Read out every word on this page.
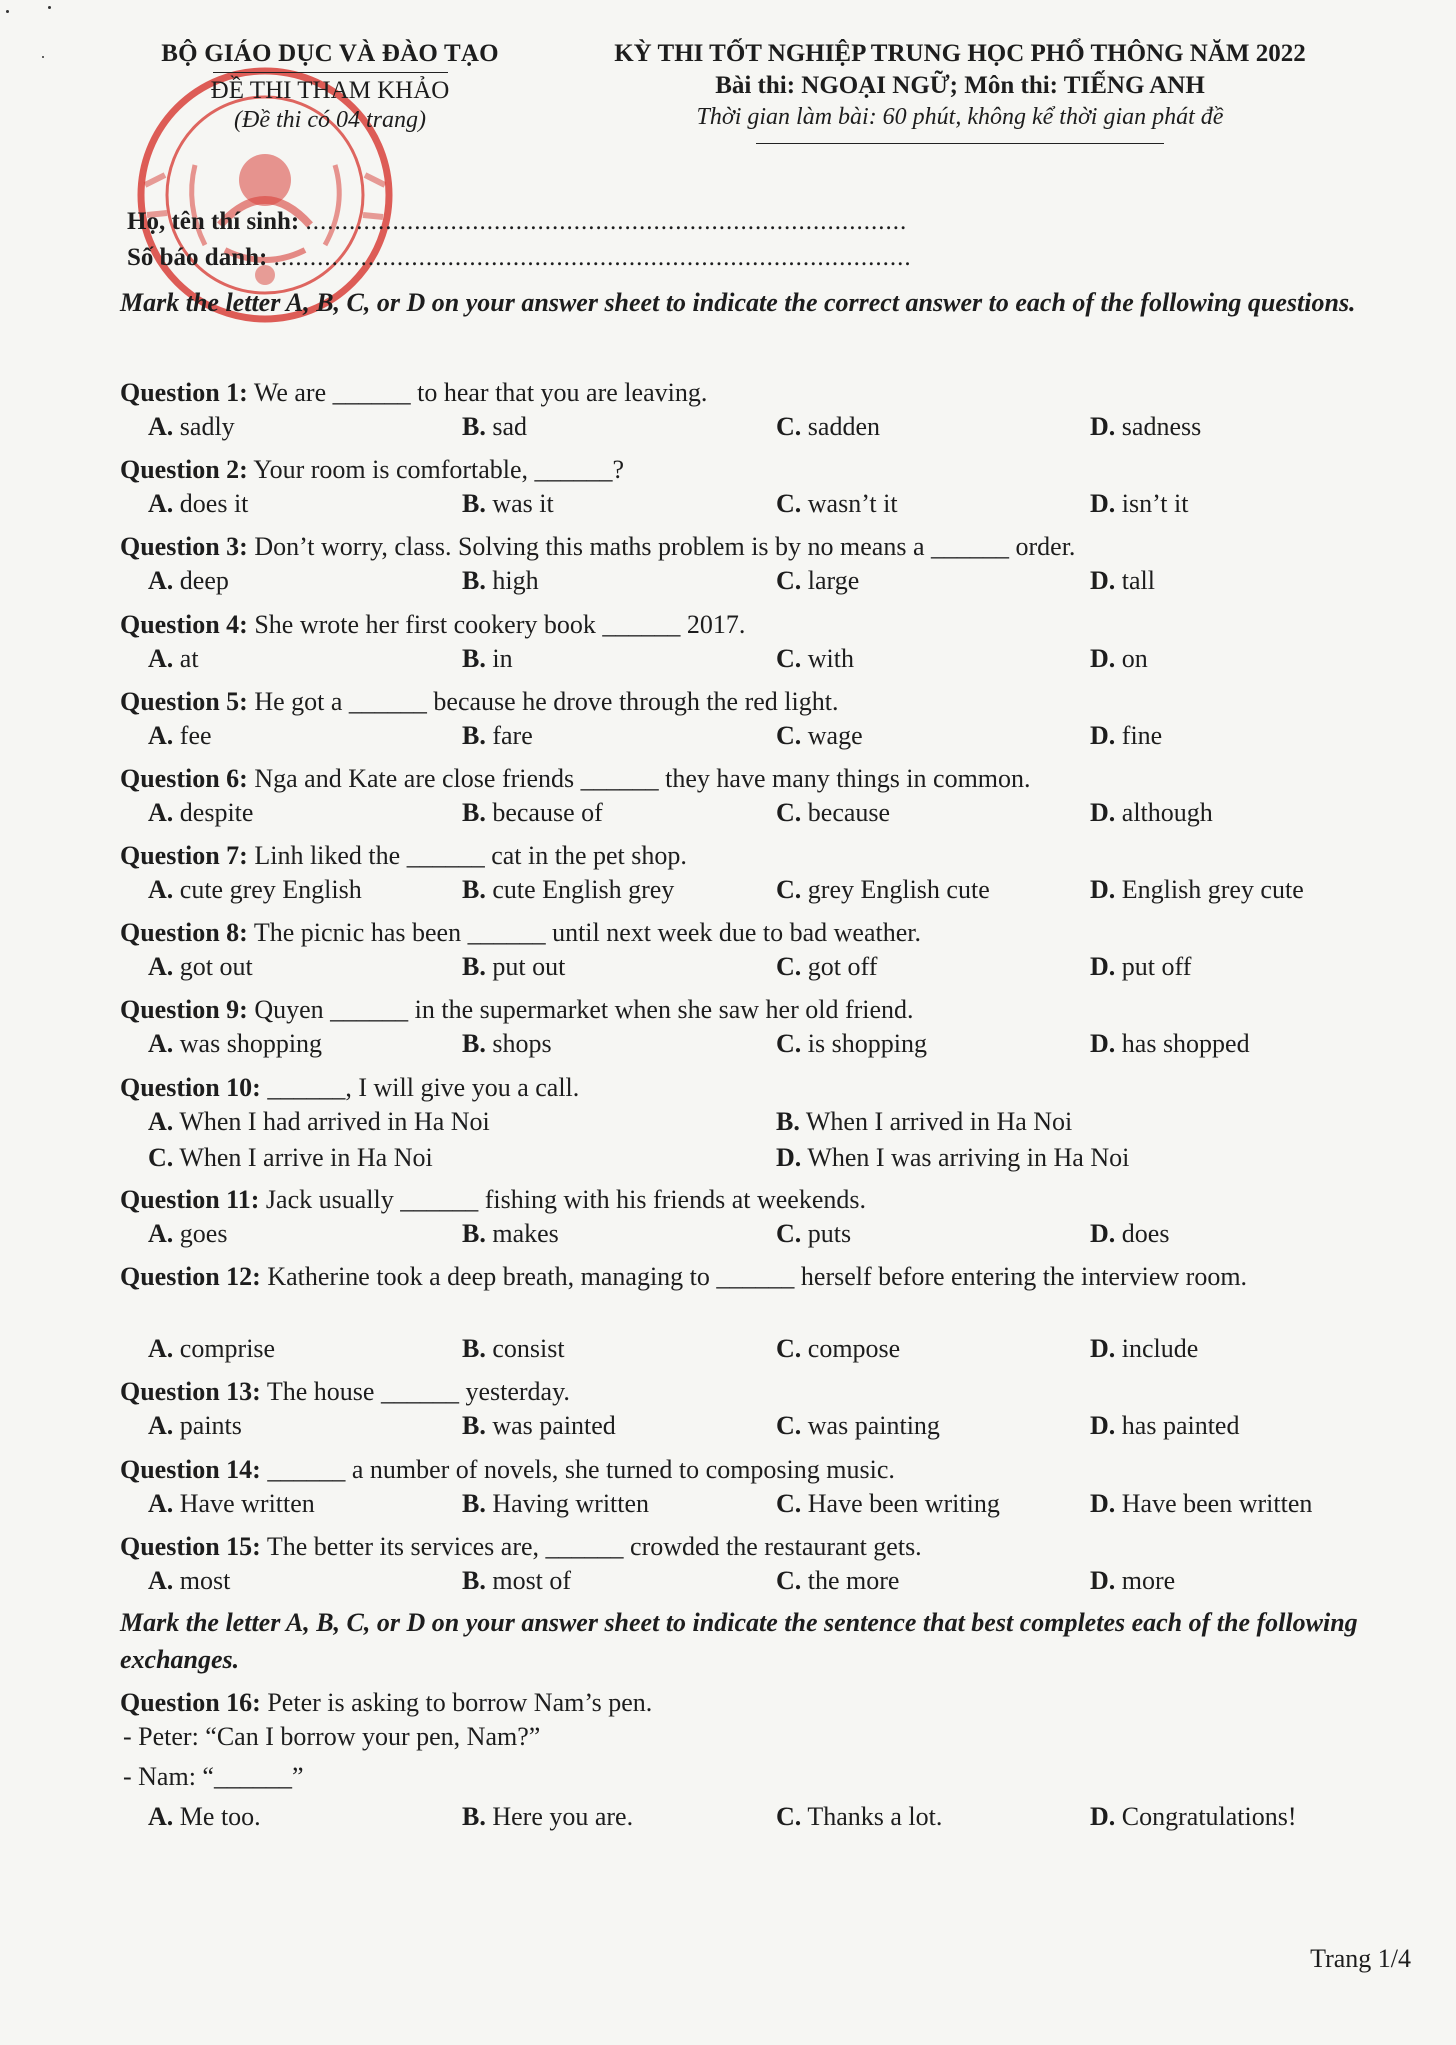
BỘ GIÁO DỤC VÀ ĐÀO TẠO
ĐỀ THI THAM KHẢO
(Đề thi có 04 trang)
KỲ THI TỐT NGHIỆP TRUNG HỌC PHỔ THÔNG NĂM 2022
Bài thi: NGOẠI NGỮ; Môn thi: TIẾNG ANH
Thời gian làm bài: 60 phút, không kể thời gian phát đề
Họ, tên thí sinh: ...................................................................................
Số báo danh: ........................................................................................
Mark the letter A, B, C, or D on your answer sheet to indicate the correct answer to each of the following questions.
Question 1: We are ______ to hear that you are leaving.
A. sadly	B. sad	C. sadden	D. sadness
Question 2: Your room is comfortable, ______?
A. does it	B. was it	C. wasn’t it	D. isn’t it
Question 3: Don’t worry, class. Solving this maths problem is by no means a ______ order.
A. deep	B. high	C. large	D. tall
Question 4: She wrote her first cookery book ______ 2017.
A. at	B. in	C. with	D. on
Question 5: He got a ______ because he drove through the red light.
A. fee	B. fare	C. wage	D. fine
Question 6: Nga and Kate are close friends ______ they have many things in common.
A. despite	B. because of	C. because	D. although
Question 7: Linh liked the ______ cat in the pet shop.
A. cute grey English	B. cute English grey	C. grey English cute	D. English grey cute
Question 8: The picnic has been ______ until next week due to bad weather.
A. got out	B. put out	C. got off	D. put off
Question 9: Quyen ______ in the supermarket when she saw her old friend.
A. was shopping	B. shops	C. is shopping	D. has shopped
Question 10: ______, I will give you a call.
A. When I had arrived in Ha Noi	B. When I arrived in Ha Noi
C. When I arrive in Ha Noi	D. When I was arriving in Ha Noi
Question 11: Jack usually ______ fishing with his friends at weekends.
A. goes	B. makes	C. puts	D. does
Question 12: Katherine took a deep breath, managing to ______ herself before entering the interview room.
A. comprise	B. consist	C. compose	D. include
Question 13: The house ______ yesterday.
A. paints	B. was painted	C. was painting	D. has painted
Question 14: ______ a number of novels, she turned to composing music.
A. Have written	B. Having written	C. Have been writing	D. Have been written
Question 15: The better its services are, ______ crowded the restaurant gets.
A. most	B. most of	C. the more	D. more
Mark the letter A, B, C, or D on your answer sheet to indicate the sentence that best completes each of the following exchanges.
Question 16: Peter is asking to borrow Nam’s pen.
- Peter: “Can I borrow your pen, Nam?”
- Nam: “______”
A. Me too.	B. Here you are.	C. Thanks a lot.	D. Congratulations!
Trang 1/4
